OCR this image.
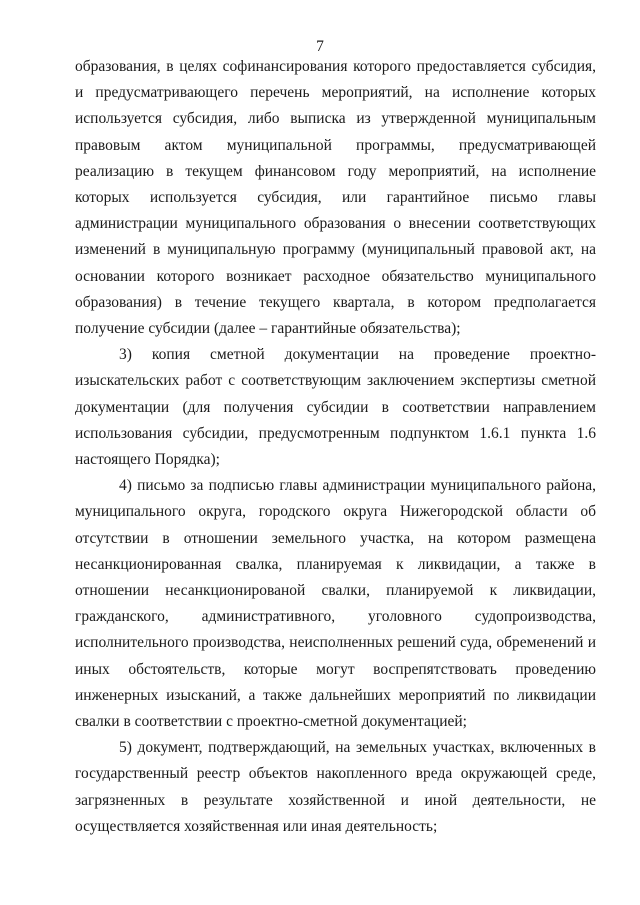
7

образования, в целях софинансирования которого предоставляется субсидия, и предусматривающего перечень мероприятий, на исполнение которых используется субсидия, либо выписка из утвержденной муниципальным правовым актом муниципальной программы, предусматривающей реализацию в текущем финансовом году мероприятий, на исполнение которых используется субсидия, или гарантийное письмо главы администрации муниципального образования о внесении соответствующих изменений в муниципальную программу (муниципальный правовой акт, на основании которого возникает расходное обязательство муниципального образования) в течение текущего квартала, в котором предполагается получение субсидии (далее – гарантийные обязательства);

3) копия сметной документации на проведение проектно-изыскательских работ с соответствующим заключением экспертизы сметной документации (для получения субсидии в соответствии направлением использования субсидии, предусмотренным подпунктом 1.6.1 пункта 1.6 настоящего Порядка);

4) письмо за подписью главы администрации муниципального района, муниципального округа, городского округа Нижегородской области об отсутствии в отношении земельного участка, на котором размещена несанкционированная свалка, планируемая к ликвидации, а также в отношении несанкционированой свалки, планируемой к ликвидации, гражданского, административного, уголовного судопроизводства, исполнительного производства, неисполненных решений суда, обременений и иных обстоятельств, которые могут воспрепятствовать проведению инженерных изысканий, а также дальнейших мероприятий по ликвидации свалки в соответствии с проектно-сметной документацией;

5) документ, подтверждающий, на земельных участках, включенных в государственный реестр объектов накопленного вреда окружающей среде, загрязненных в результате хозяйственной и иной деятельности, не осуществляется хозяйственная или иная деятельность;
